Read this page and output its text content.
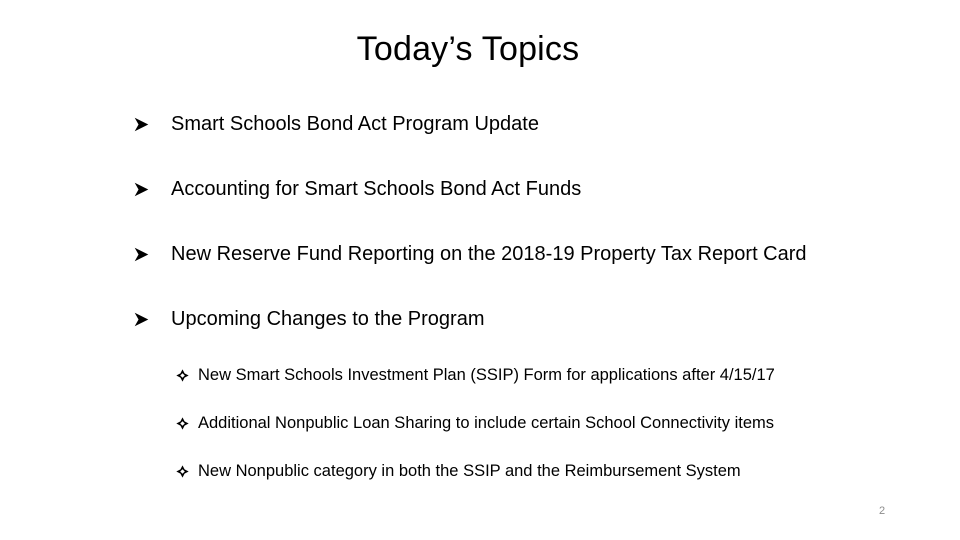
Today’s Topics
Smart Schools Bond Act Program Update
Accounting for Smart Schools Bond Act Funds
New Reserve Fund Reporting on the 2018-19 Property Tax Report Card
Upcoming Changes to the Program
New Smart Schools Investment Plan (SSIP) Form for applications after 4/15/17
Additional Nonpublic Loan Sharing to include certain School Connectivity items
New Nonpublic category in both the SSIP and the Reimbursement System
2
